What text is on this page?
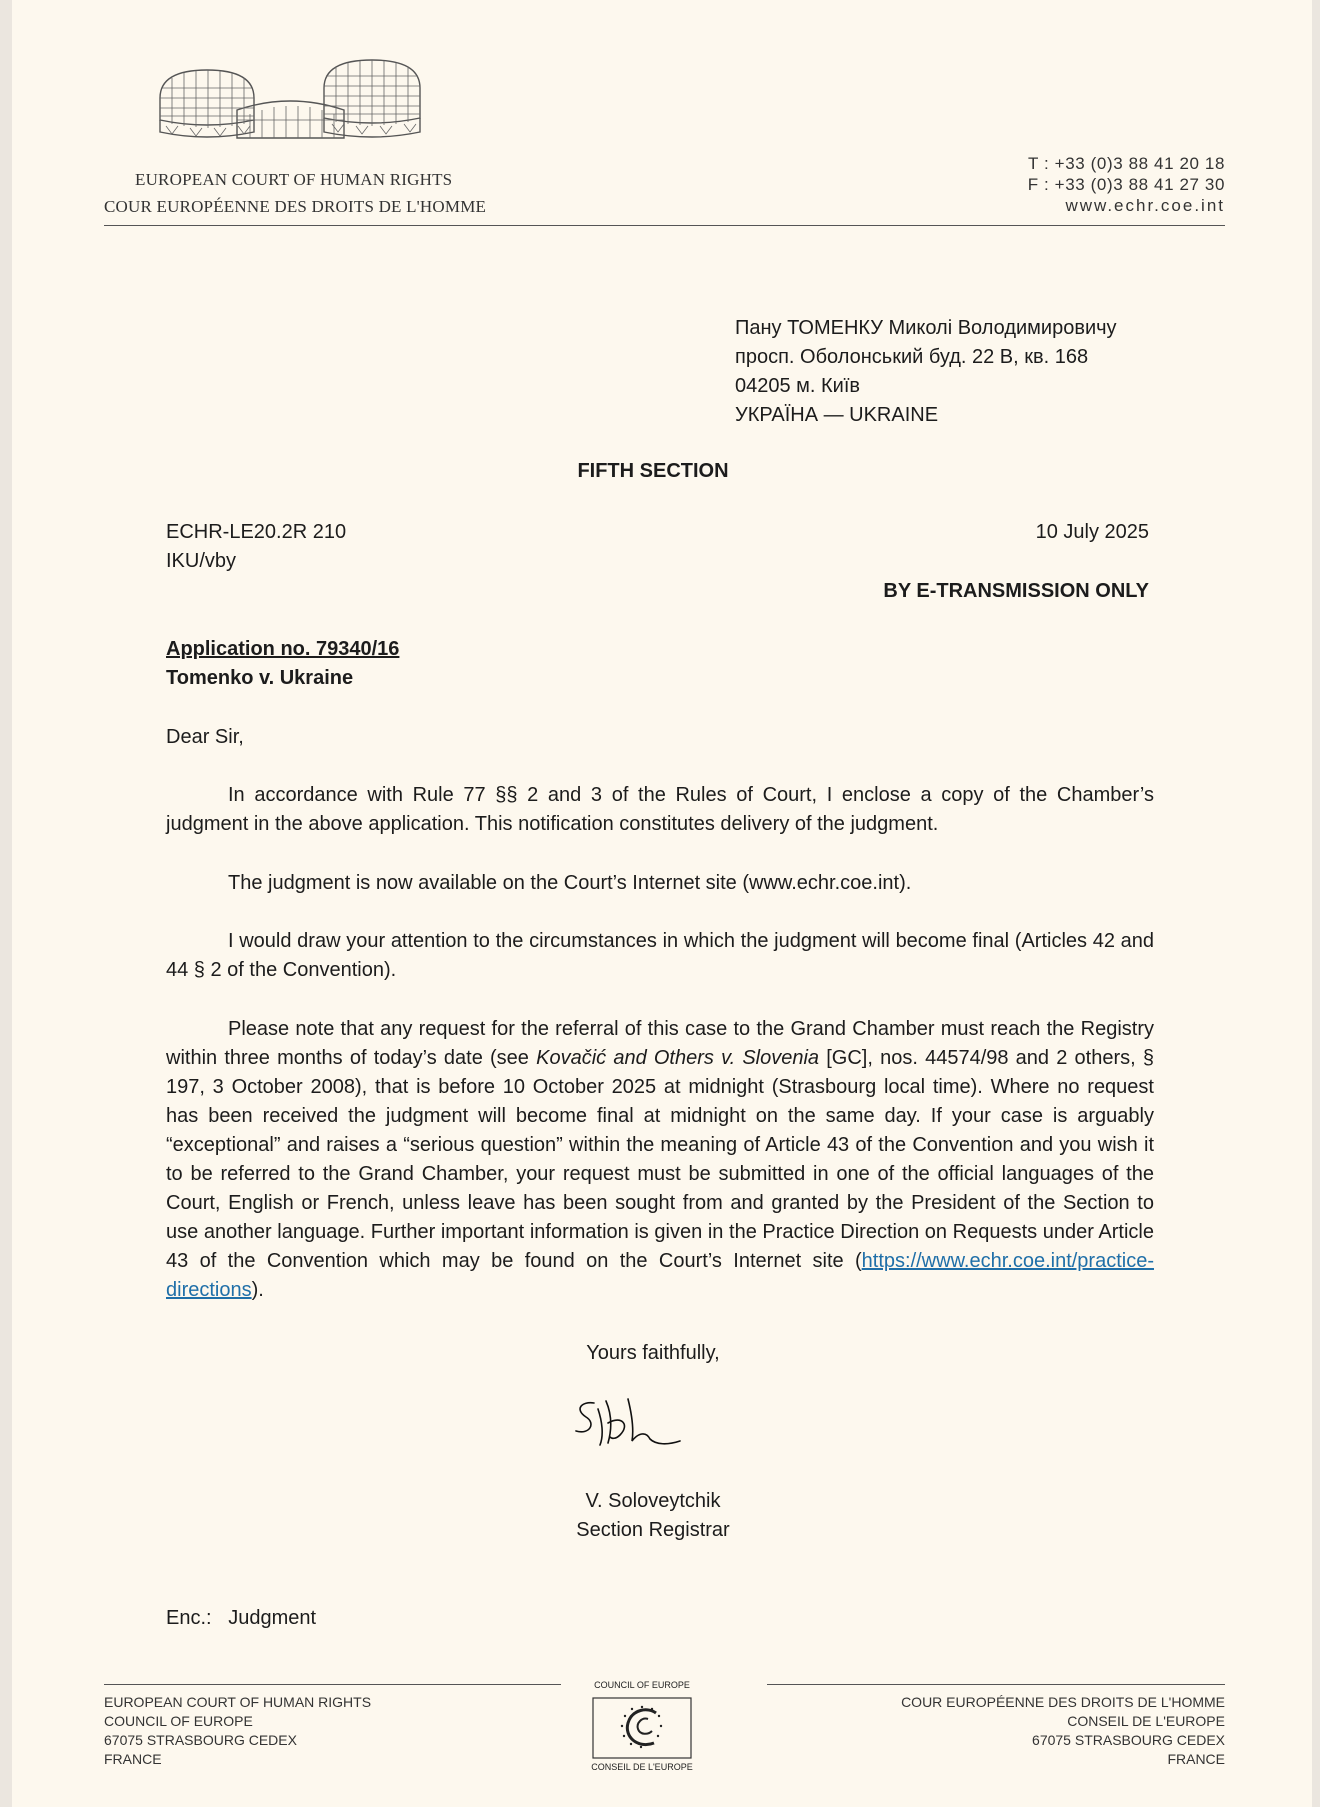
EUROPEAN COURT OF HUMAN RIGHTS
COUR EUROPÉENNE DES DROITS DE L'HOMME
T : +33 (0)3 88 41 20 18
F : +33 (0)3 88 41 27 30
www.echr.coe.int
Пану ТОМЕНКУ Миколі Володимировичу
просп. Оболонський буд. 22 В, кв. 168
04205 м. Київ
УКРАЇНА — UKRAINE
FIFTH SECTION
ECHR-LE20.2R 210
IKU/vby
10 July 2025
BY E-TRANSMISSION ONLY
Application no. 79340/16
Tomenko v. Ukraine
Dear Sir,

In accordance with Rule 77 §§ 2 and 3 of the Rules of Court, I enclose a copy of the Chamber’s judgment in the above application. This notification constitutes delivery of the judgment.

The judgment is now available on the Court’s Internet site (www.echr.coe.int).

I would draw your attention to the circumstances in which the judgment will become final (Articles 42 and 44 § 2 of the Convention).

Please note that any request for the referral of this case to the Grand Chamber must reach the Registry within three months of today’s date (see Kovačić and Others v. Slovenia [GC], nos. 44574/98 and 2 others, § 197, 3 October 2008), that is before 10 October 2025 at midnight (Strasbourg local time). Where no request has been received the judgment will become final at midnight on the same day. If your case is arguably “exceptional” and raises a “serious question” within the meaning of Article 43 of the Convention and you wish it to be referred to the Grand Chamber, your request must be submitted in one of the official languages of the Court, English or French, unless leave has been sought from and granted by the President of the Section to use another language. Further important information is given in the Practice Direction on Requests under Article 43 of the Convention which may be found on the Court’s Internet site (https://www.echr.coe.int/practice-directions).

Yours faithfully,
V. Soloveytchik
Section Registrar
Enc.: Judgment
EUROPEAN COURT OF HUMAN RIGHTS
COUNCIL OF EUROPE
67075 STRASBOURG CEDEX
FRANCE
COUR EUROPÉENNE DES DROITS DE L'HOMME
CONSEIL DE L'EUROPE
67075 STRASBOURG CEDEX
FRANCE
COUNCIL OF EUROPE
CONSEIL DE L'EUROPE
